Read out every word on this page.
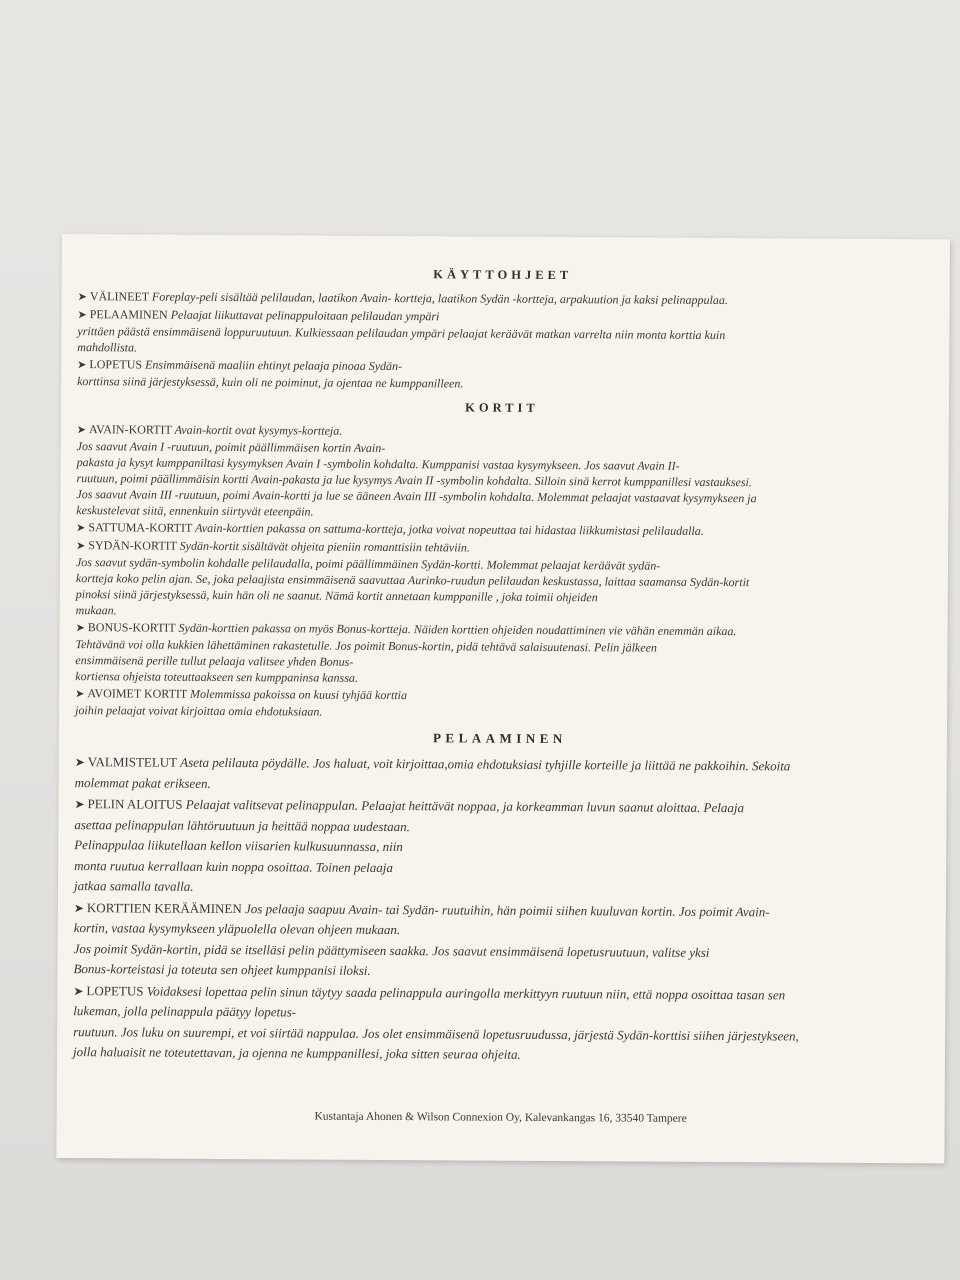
KÄYTTOHJEET
➤ VÄLINEET Foreplay-peli sisältää pelilaudan, laatikon Avain- kortteja, laatikon Sydän -kortteja, arpakuution ja kaksi pelinappulaa.
➤ PELAAMINEN Pelaajat liikuttavat pelinappuloitaan pelilaudan ympäri
yrittäen päästä ensimmäisenä loppuruutuun. Kulkiessaan pelilaudan ympäri pelaajat keräävät matkan varrelta niin monta korttia kuin
mahdollista.
➤ LOPETUS Ensimmäisenä maaliin ehtinyt pelaaja pinoaa Sydän-
korttinsa siinä järjestyksessä, kuin oli ne poiminut, ja ojentaa ne kumppanilleen.
KORTIT
➤ AVAIN-KORTIT Avain-kortit ovat kysymys-kortteja.
Jos saavut Avain I -ruutuun, poimit päällimmäisen kortin Avain-
pakasta ja kysyt kumppaniltasi kysymyksen Avain I -symbolin kohdalta. Kumppanisi vastaa kysymykseen. Jos saavut Avain II-
ruutuun, poimi päällimmäisin kortti Avain-pakasta ja lue kysymys Avain II -symbolin kohdalta. Silloin sinä kerrot kumppanillesi vastauksesi.
Jos saavut Avain III -ruutuun, poimi Avain-kortti ja lue se ääneen Avain III -symbolin kohdalta. Molemmat pelaajat vastaavat kysymykseen ja
keskustelevat siitä, ennenkuin siirtyvät eteenpäin.
➤ SATTUMA-KORTIT Avain-korttien pakassa on sattuma-kortteja, jotka voivat nopeuttaa tai hidastaa liikkumistasi pelilaudalla.
➤ SYDÄN-KORTIT Sydän-kortit sisältävät ohjeita pieniin romanttisiin tehtäviin.
Jos saavut sydän-symbolin kohdalle pelilaudalla, poimi päällimmäinen Sydän-kortti. Molemmat pelaajat keräävät sydän-
kortteja koko pelin ajan. Se, joka pelaajista ensimmäisenä saavuttaa Aurinko-ruudun pelilaudan keskustassa, laittaa saamansa Sydän-kortit
pinoksi siinä järjestyksessä, kuin hän oli ne saanut. Nämä kortit annetaan kumppanille , joka toimii ohjeiden
mukaan.
➤ BONUS-KORTIT Sydän-korttien pakassa on myös Bonus-kortteja. Näiden korttien ohjeiden noudattiminen vie vähän enemmän aikaa.
Tehtävänä voi olla kukkien lähettäminen rakastetulle. Jos poimit Bonus-kortin, pidä tehtävä salaisuutenasi. Pelin jälkeen
ensimmäisenä perille tullut pelaaja valitsee yhden Bonus-
kortiensa ohjeista toteuttaakseen sen kumppaninsa kanssa.
➤ AVOIMET KORTIT Molemmissa pakoissa on kuusi tyhjää korttia
joihin pelaajat voivat kirjoittaa omia ehdotuksiaan.
PELAAMINEN
➤ VALMISTELUT Aseta pelilauta pöydälle. Jos haluat, voit kirjoittaa,omia ehdotuksiasi tyhjille korteille ja liittää ne pakkoihin. Sekoita
molemmat pakat erikseen.
➤ PELIN ALOITUS Pelaajat valitsevat pelinappulan. Pelaajat heittävät noppaa, ja korkeamman luvun saanut aloittaa. Pelaaja
asettaa pelinappulan lähtöruutuun ja heittää noppaa uudestaan.
Pelinappulaa liikutellaan kellon viisarien kulkusuunnassa, niin
monta ruutua kerrallaan kuin noppa osoittaa. Toinen pelaaja
jatkaa samalla tavalla.
➤ KORTTIEN KERÄÄMINEN Jos pelaaja saapuu Avain- tai Sydän- ruutuihin, hän poimii siihen kuuluvan kortin. Jos poimit Avain-
kortin, vastaa kysymykseen yläpuolella olevan ohjeen mukaan.
Jos poimit Sydän-kortin, pidä se itselläsi pelin päättymiseen saakka. Jos saavut ensimmäisenä lopetusruutuun, valitse yksi
Bonus-korteistasi ja toteuta sen ohjeet kumppanisi iloksi.
➤ LOPETUS Voidaksesi lopettaa pelin sinun täytyy saada pelinappula auringolla merkittyyn ruutuun niin, että noppa osoittaa tasan sen
lukeman, jolla pelinappula päätyy lopetus-
ruutuun. Jos luku on suurempi, et voi siirtää nappulaa. Jos olet ensimmäisenä lopetusruudussa, järjestä Sydän-korttisi siihen järjestykseen,
jolla haluaisit ne toteutettavan, ja ojenna ne kumppanillesi, joka sitten seuraa ohjeita.
Kustantaja Ahonen & Wilson Connexion Oy, Kalevankangas 16, 33540 Tampere
